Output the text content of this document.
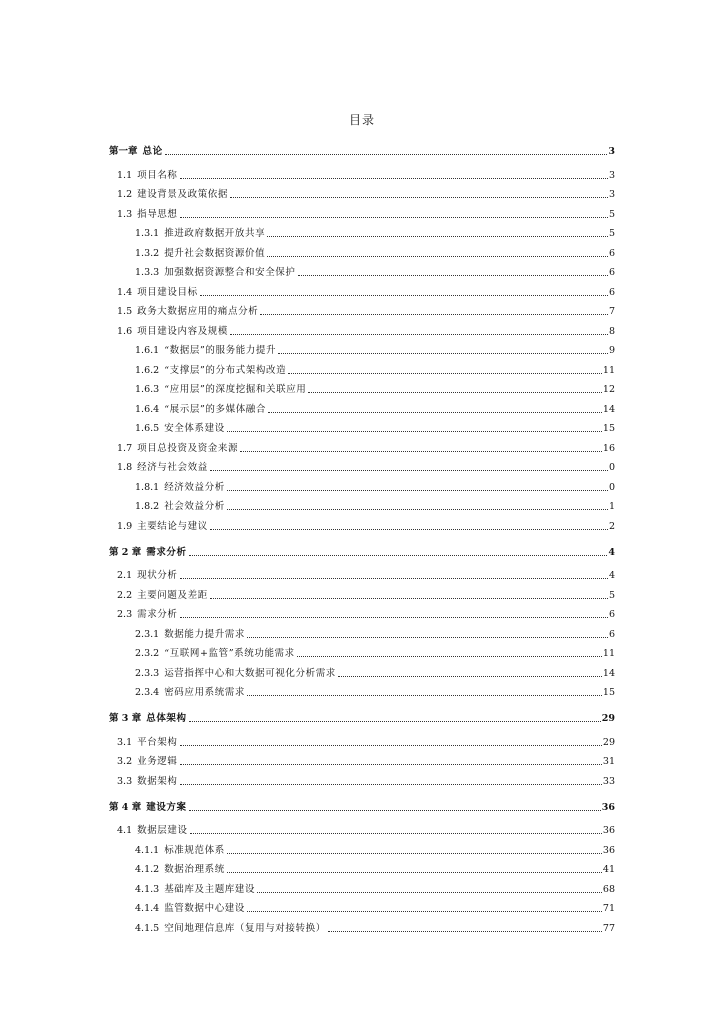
目录
第一章 总论	3
1.1 项目名称	3
1.2 建设背景及政策依据	3
1.3 指导思想	5
1.3.1 推进政府数据开放共享	5
1.3.2 提升社会数据资源价值	6
1.3.3 加强数据资源整合和安全保护	6
1.4 项目建设目标	6
1.5 政务大数据应用的痛点分析	7
1.6 项目建设内容及规模	8
1.6.1 “数据层”的服务能力提升	9
1.6.2 “支撑层”的分布式架构改造	11
1.6.3 “应用层”的深度挖掘和关联应用	12
1.6.4 “展示层”的多媒体融合	14
1.6.5 安全体系建设	15
1.7 项目总投资及资金来源	16
1.8 经济与社会效益	0
1.8.1 经济效益分析	0
1.8.2 社会效益分析	1
1.9 主要结论与建议	2
第 2 章 需求分析	4
2.1 现状分析	4
2.2 主要问题及差距	5
2.3 需求分析	6
2.3.1 数据能力提升需求	6
2.3.2 “互联网+监管”系统功能需求	11
2.3.3 运营指挥中心和大数据可视化分析需求	14
2.3.4 密码应用系统需求	15
第 3 章 总体架构	29
3.1 平台架构	29
3.2 业务逻辑	31
3.3 数据架构	33
第 4 章 建设方案	36
4.1 数据层建设	36
4.1.1 标准规范体系	36
4.1.2 数据治理系统	41
4.1.3 基础库及主题库建设	68
4.1.4 监管数据中心建设	71
4.1.5 空间地理信息库（复用与对接转换）	77
